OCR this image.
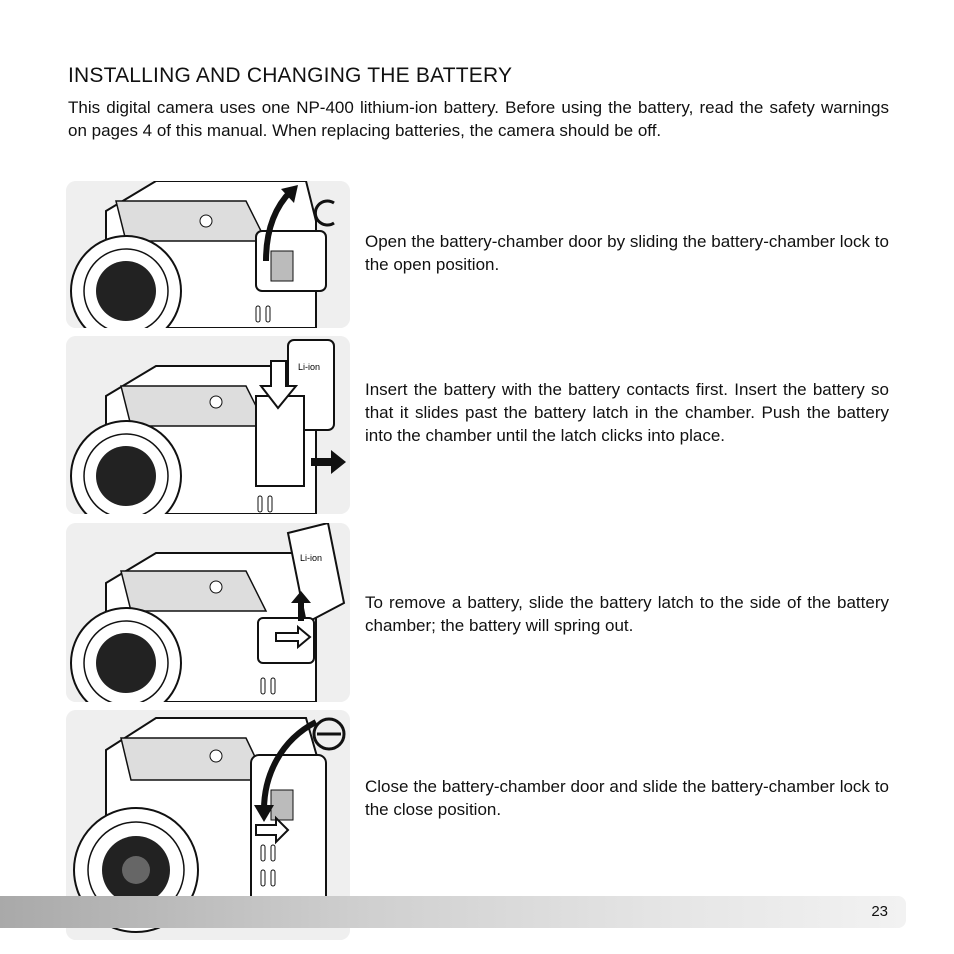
INSTALLING AND CHANGING THE BATTERY

This digital camera uses one NP-400 lithium-ion battery. Before using the battery, read the safety warnings on pages 4 of this manual. When replacing batteries, the camera should be off.

Open the battery-chamber door by sliding the battery-chamber lock to the open position.

Li-ion

Insert the battery with the battery contacts first. Insert the battery so that it slides past the battery latch in the chamber. Push the battery into the chamber until the latch clicks into place.

Li-ion

To remove a battery, slide the battery latch to the side of the battery chamber; the battery will spring out.

Close the battery-chamber door and slide the battery-chamber lock to the close position.

23
